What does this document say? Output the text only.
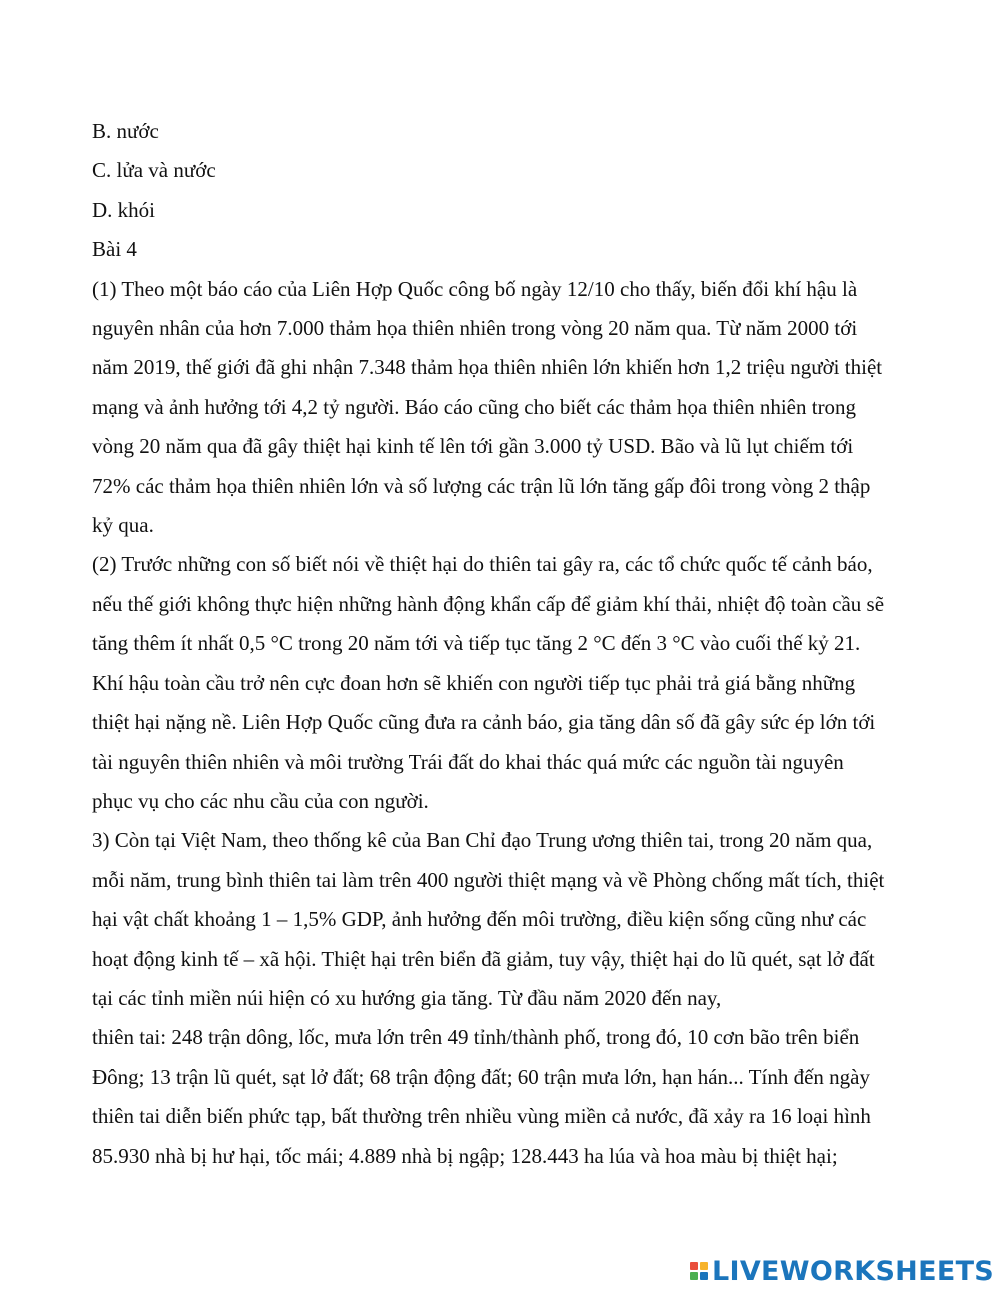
B. nước

C. lửa và nước

D. khói

Bài 4

(1) Theo một báo cáo của Liên Hợp Quốc công bố ngày 12/10 cho thấy, biến đổi khí hậu là

nguyên nhân của hơn 7.000 thảm họa thiên nhiên trong vòng 20 năm qua. Từ năm 2000 tới

năm 2019, thế giới đã ghi nhận 7.348 thảm họa thiên nhiên lớn khiến hơn 1,2 triệu người thiệt

mạng và ảnh hưởng tới 4,2 tỷ người. Báo cáo cũng cho biết các thảm họa thiên nhiên trong

vòng 20 năm qua đã gây thiệt hại kinh tế lên tới gần 3.000 tỷ USD. Bão và lũ lụt chiếm tới

72% các thảm họa thiên nhiên lớn và số lượng các trận lũ lớn tăng gấp đôi trong vòng 2 thập

kỷ qua.

(2) Trước những con số biết nói về thiệt hại do thiên tai gây ra, các tổ chức quốc tế cảnh báo,

nếu thế giới không thực hiện những hành động khẩn cấp để giảm khí thải, nhiệt độ toàn cầu sẽ

tăng thêm ít nhất 0,5 °C trong 20 năm tới và tiếp tục tăng 2 °C đến 3 °C vào cuối thế kỷ 21.

Khí hậu toàn cầu trở nên cực đoan hơn sẽ khiến con người tiếp tục phải trả giá bằng những

thiệt hại nặng nề. Liên Hợp Quốc cũng đưa ra cảnh báo, gia tăng dân số đã gây sức ép lớn tới

tài nguyên thiên nhiên và môi trường Trái đất do khai thác quá mức các nguồn tài nguyên

phục vụ cho các nhu cầu của con người.

3) Còn tại Việt Nam, theo thống kê của Ban Chỉ đạo Trung ương thiên tai, trong 20 năm qua,

mỗi năm, trung bình thiên tai làm trên 400 người thiệt mạng và về Phòng chống mất tích, thiệt

hại vật chất khoảng 1 – 1,5% GDP, ảnh hưởng đến môi trường, điều kiện sống cũng như các

hoạt động kinh tế – xã hội. Thiệt hại trên biển đã giảm, tuy vậy, thiệt hại do lũ quét, sạt lở đất

tại các tỉnh miền núi hiện có xu hướng gia tăng. Từ đầu năm 2020 đến nay,

thiên tai: 248 trận dông, lốc, mưa lớn trên 49 tỉnh/thành phố, trong đó, 10 cơn bão trên biển

Đông; 13 trận lũ quét, sạt lở đất; 68 trận động đất; 60 trận mưa lớn, hạn hán... Tính đến ngày

thiên tai diễn biến phức tạp, bất thường trên nhiều vùng miền cả nước, đã xảy ra 16 loại hình

85.930 nhà bị hư hại, tốc mái; 4.889 nhà bị ngập; 128.443 ha lúa và hoa màu bị thiệt hại;

LIVEWORKSHEETS
